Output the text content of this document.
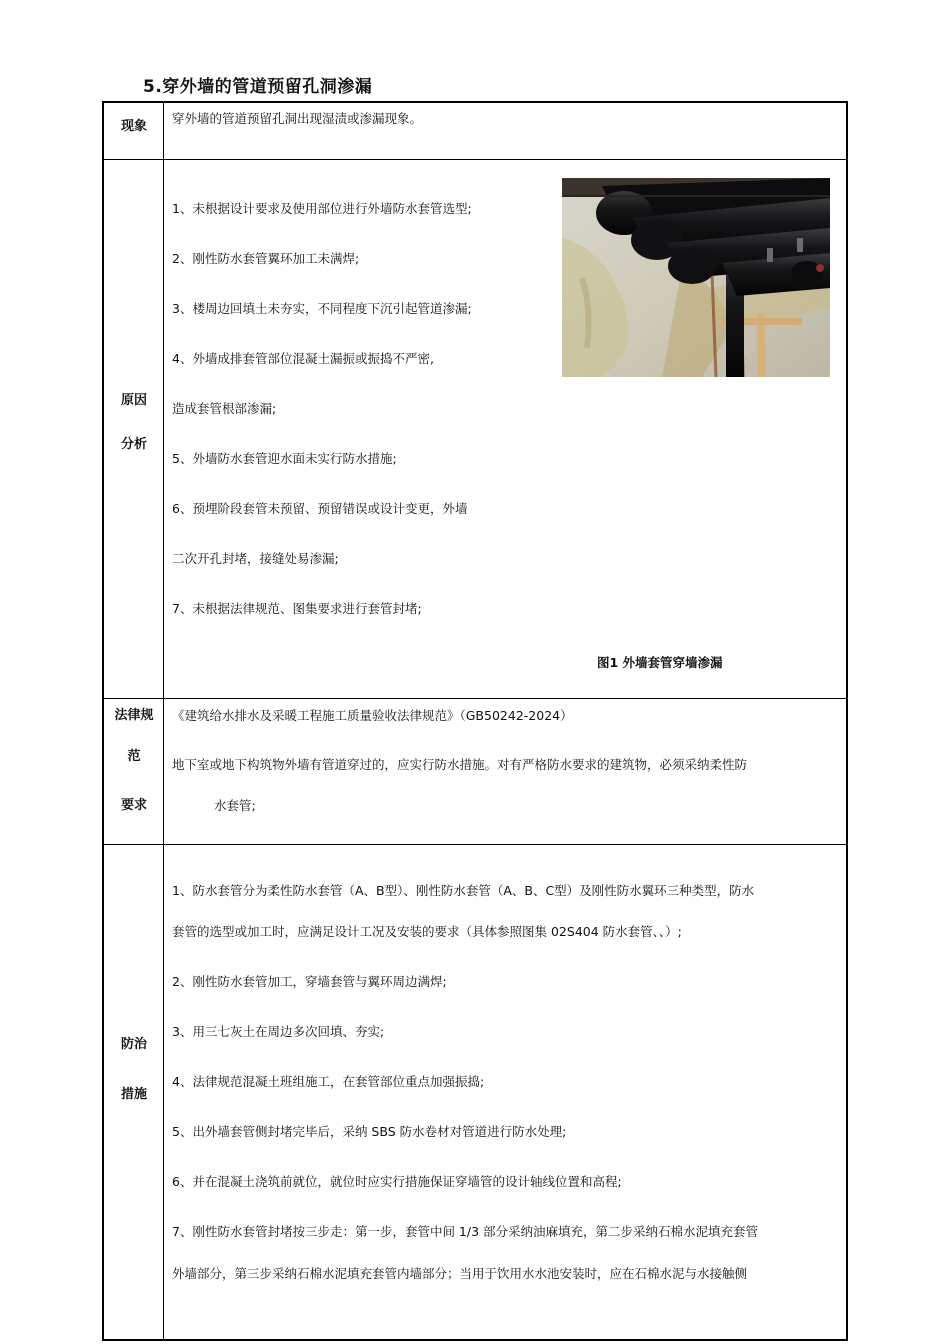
5.穿外墙的管道预留孔洞渗漏
现象
穿外墙的管道预留孔洞出现湿渍或渗漏现象。
原因
分析
1、未根据设计要求及使用部位进行外墙防水套管选型;
2、刚性防水套管翼环加工未满焊;
3、楼周边回填土未夯实，不同程度下沉引起管道渗漏;
4、外墙成排套管部位混凝土漏振或振捣不严密,
造成套管根部渗漏;
5、外墙防水套管迎水面未实行防水措施;
6、预埋阶段套管未预留、预留错误或设计变更，外墙
二次开孔封堵，接缝处易渗漏;
7、未根据法律规范、图集要求进行套管封堵;
图1 外墙套管穿墙渗漏
法律规
范
要求
《建筑给水排水及采暖工程施工质量验收法律规范》（GB50242-2024）
地下室或地下构筑物外墙有管道穿过的，应实行防水措施。对有严格防水要求的建筑物，必须采纳柔性防
水套管;
防治
措施
1、防水套管分为柔性防水套管（A、B型）、刚性防水套管（A、B、C型）及刚性防水翼环三种类型，防水
套管的选型或加工时，应满足设计工况及安装的要求（具体参照图集 02S404 防水套管、、）;
2、刚性防水套管加工，穿墙套管与翼环周边满焊;
3、用三七灰土在周边多次回填、夯实;
4、法律规范混凝土班组施工，在套管部位重点加强振捣;
5、出外墙套管侧封堵完毕后，采纳 SBS 防水卷材对管道进行防水处理;
6、并在混凝土浇筑前就位，就位时应实行措施保证穿墙管的设计轴线位置和高程;
7、刚性防水套管封堵按三步走：第一步，套管中间 1/3 部分采纳油麻填充，第二步采纳石棉水泥填充套管
外墙部分，第三步采纳石棉水泥填充套管内墙部分；当用于饮用水水池安装时，应在石棉水泥与水接触侧
